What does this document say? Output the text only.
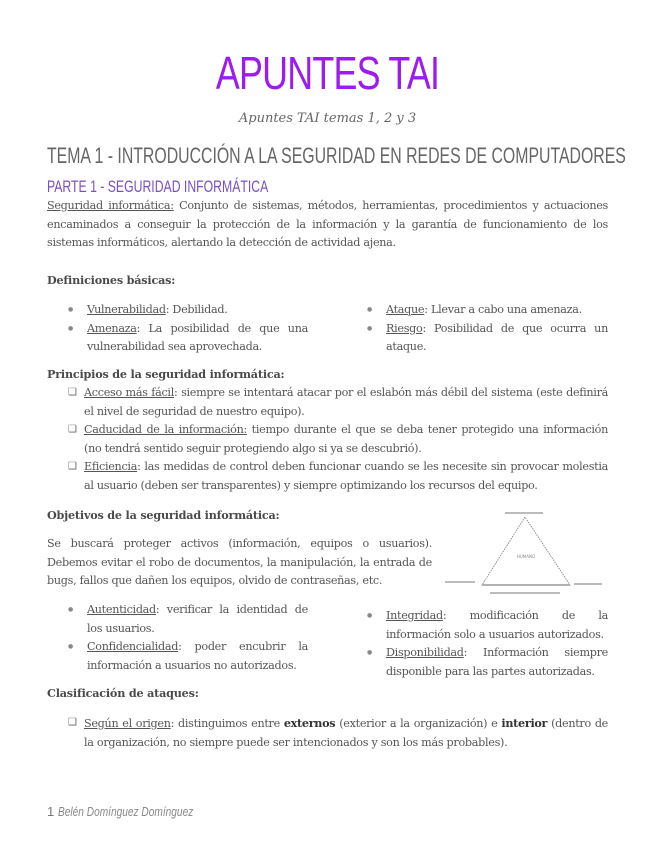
APUNTES TAI
Apuntes TAI temas 1, 2 y 3
TEMA 1 - INTRODUCCIÓN A LA SEGURIDAD EN REDES DE COMPUTADORES
PARTE 1 - SEGURIDAD INFORMÁTICA

Seguridad informática: Conjunto de sistemas, métodos, herramientas, procedimientos y actuaciones encaminados a conseguir la protección de la información y la garantía de funcionamiento de los sistemas informáticos, alertando la detección de actividad ajena.

Definiciones básicas:
● Vulnerabilidad: Debilidad.
● Amenaza: La posibilidad de que una vulnerabilidad sea aprovechada.
● Ataque: Llevar a cabo una amenaza.
● Riesgo: Posibilidad de que ocurra un ataque.
Principios de la seguridad informática:
❑ Acceso más fácil: siempre se intentará atacar por el eslabón más débil del sistema (este definirá el nivel de seguridad de nuestro equipo).
❑ Caducidad de la información: tiempo durante el que se deba tener protegido una información (no tendrá sentido seguir protegiendo algo si ya se descubrió).
❑ Eficiencia: las medidas de control deben funcionar cuando se les necesite sin provocar molestia al usuario (deben ser transparentes) y siempre optimizando los recursos del equipo.
Objetivos de la seguridad informática:

Se buscará proteger activos (información, equipos o usuarios). Debemos evitar el robo de documentos, la manipulación, la entrada de bugs, fallos que dañen los equipos, olvido de contraseñas, etc.

HUMANO
● Autenticidad: verificar la identidad de los usuarios.
● Confidencialidad: poder encubrir la información a usuarios no autorizados.
● Integridad: modificación de la información solo a usuarios autorizados.
● Disponibilidad: Información siempre disponible para las partes autorizadas.
Clasificación de ataques:
❑ Según el origen: distinguimos entre externos (exterior a la organización) e interior (dentro de la organización, no siempre puede ser intencionados y son los más probables).
1 Belén Domínguez Domínguez
